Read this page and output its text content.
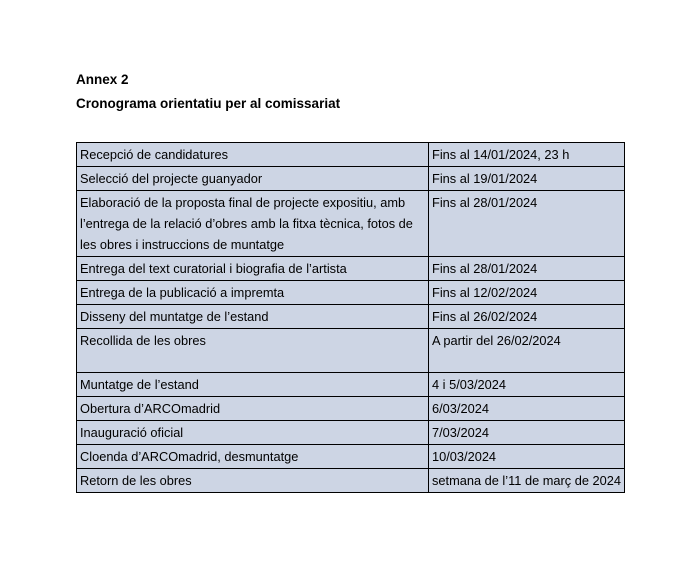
Annex 2

Cronograma orientatiu per al comissariat

Recepció de candidatures	Fins al 14/01/2024, 23 h
Selecció del projecte guanyador	Fins al 19/01/2024
Elaboració de la proposta final de projecte expositiu, amb l’entrega de la relació d’obres amb la fitxa tècnica, fotos de les obres i instruccions de muntatge	Fins al 28/01/2024
Entrega del text curatorial i biografia de l’artista	Fins al 28/01/2024
Entrega de la publicació a impremta	Fins al 12/02/2024
Disseny del muntatge de l’estand	Fins al 26/02/2024
Recollida de les obres	A partir del 26/02/2024
Muntatge de l’estand	4 i 5/03/2024
Obertura d’ARCOmadrid	6/03/2024
Inauguració oficial	7/03/2024
Cloenda d’ARCOmadrid, desmuntatge	10/03/2024
Retorn de les obres	setmana de l’11 de març de 2024
